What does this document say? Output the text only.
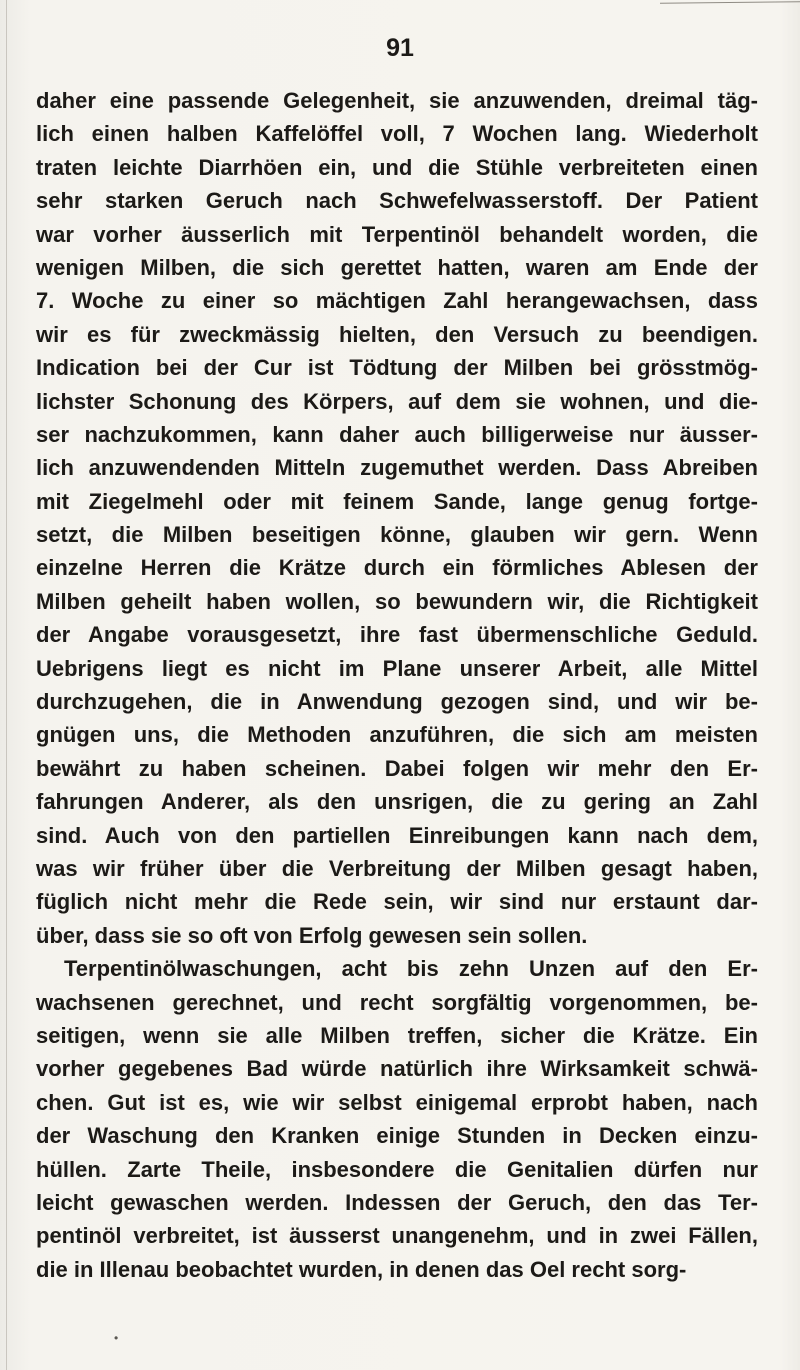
91
daher eine passende Gelegenheit, sie anzuwenden, dreimal täg-
lich einen halben Kaffelöffel voll, 7 Wochen lang. Wiederholt
traten leichte Diarrhöen ein, und die Stühle verbreiteten einen
sehr starken Geruch nach Schwefelwasserstoff. Der Patient
war vorher äusserlich mit Terpentinöl behandelt worden, die
wenigen Milben, die sich gerettet hatten, waren am Ende der
7. Woche zu einer so mächtigen Zahl herangewachsen, dass
wir es für zweckmässig hielten, den Versuch zu beendigen.
Indication bei der Cur ist Tödtung der Milben bei grösstmög-
lichster Schonung des Körpers, auf dem sie wohnen, und die-
ser nachzukommen, kann daher auch billigerweise nur äusser-
lich anzuwendenden Mitteln zugemuthet werden. Dass Abreiben
mit Ziegelmehl oder mit feinem Sande, lange genug fortge-
setzt, die Milben beseitigen könne, glauben wir gern. Wenn
einzelne Herren die Krätze durch ein förmliches Ablesen der
Milben geheilt haben wollen, so bewundern wir, die Richtigkeit
der Angabe vorausgesetzt, ihre fast übermenschliche Geduld.
Uebrigens liegt es nicht im Plane unserer Arbeit, alle Mittel
durchzugehen, die in Anwendung gezogen sind, und wir be-
gnügen uns, die Methoden anzuführen, die sich am meisten
bewährt zu haben scheinen. Dabei folgen wir mehr den Er-
fahrungen Anderer, als den unsrigen, die zu gering an Zahl
sind. Auch von den partiellen Einreibungen kann nach dem,
was wir früher über die Verbreitung der Milben gesagt haben,
füglich nicht mehr die Rede sein, wir sind nur erstaunt dar-
über, dass sie so oft von Erfolg gewesen sein sollen.
Terpentinölwaschungen, acht bis zehn Unzen auf den Er-
wachsenen gerechnet, und recht sorgfältig vorgenommen, be-
seitigen, wenn sie alle Milben treffen, sicher die Krätze. Ein
vorher gegebenes Bad würde natürlich ihre Wirksamkeit schwä-
chen. Gut ist es, wie wir selbst einigemal erprobt haben, nach
der Waschung den Kranken einige Stunden in Decken einzu-
hüllen. Zarte Theile, insbesondere die Genitalien dürfen nur
leicht gewaschen werden. Indessen der Geruch, den das Ter-
pentinöl verbreitet, ist äusserst unangenehm, und in zwei Fällen,
die in Illenau beobachtet wurden, in denen das Oel recht sorg-
•
